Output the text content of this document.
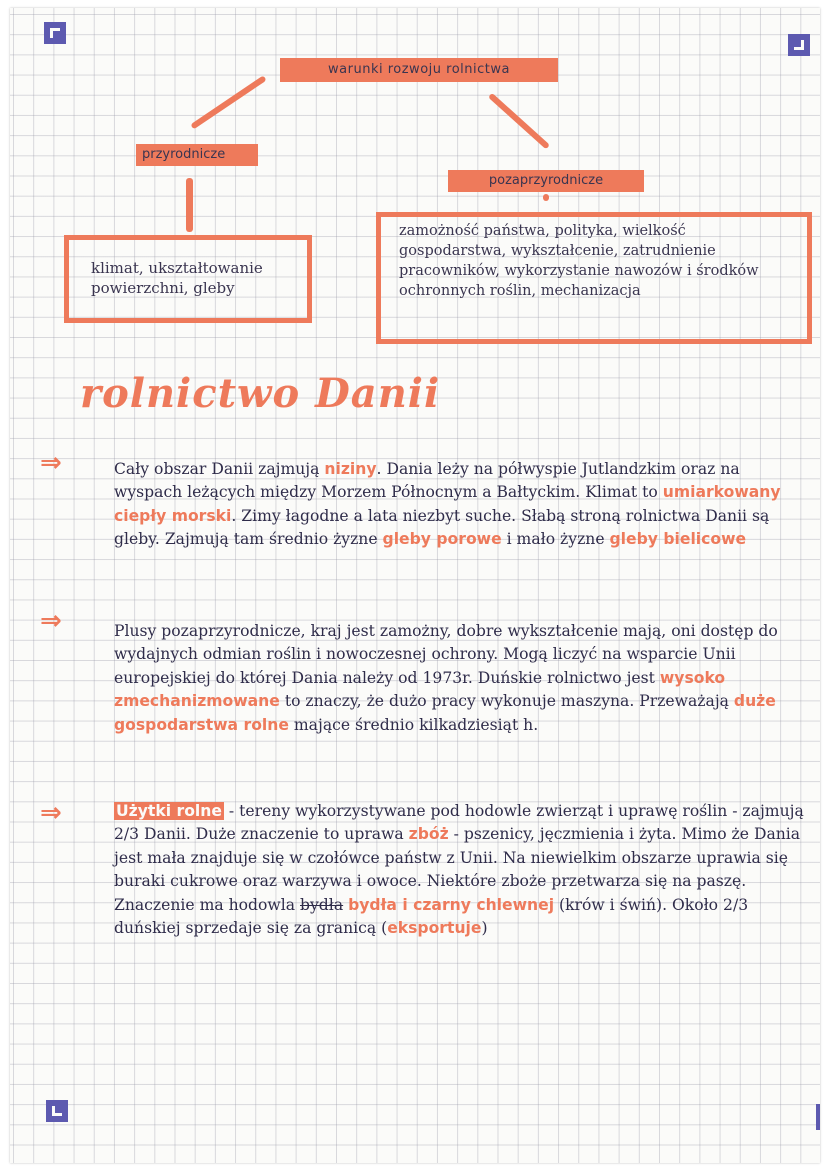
warunki rozwoju rolnictwa
przyrodnicze
klimat, ukształtowanie powierzchni, gleby
pozaprzyrodnicze
zamożność państwa, polityka, wielkość gospodarstwa, wykształcenie, zatrudnienie pracowników, wykorzystanie nawozów i środków ochronnych roślin, mechanizacja
rolnictwo Danii
⇒	Cały obszar Danii zajmują niziny. Dania leży na półwyspie Jutlandzkim oraz na wyspach leżących między Morzem Północnym a Bałtyckim. Klimat to umiarkowany ciepły morski. Zimy łagodne a lata niezbyt suche. Słabą stroną rolnictwa Danii są gleby. Zajmują tam średnio żyzne gleby porowe i mało żyzne gleby bielicowe
⇒	Plusy pozaprzyrodnicze, kraj jest zamożny, dobre wykształcenie mają, oni dostęp do wydajnych odmian roślin i nowoczesnej ochrony. Mogą liczyć na wsparcie Unii europejskiej do której Dania należy od 1973r. Duńskie rolnictwo jest wysoko zmechanizmowane to znaczy, że dużo pracy wykonuje maszyna. Przeważają duże gospodarstwa rolne mające średnio kilkadziesiąt h.
⇒	Użytki rolne - tereny wykorzystywane pod hodowle zwierząt i uprawę roślin - zajmują 2/3 Danii. Duże znaczenie to uprawa zbóż - pszenicy, jęczmienia i żyta. Mimo że Dania jest mała znajduje się w czołówce państw z Unii. Na niewielkim obszarze uprawia się buraki cukrowe oraz warzywa i owoce. Niektóre zboże przetwarza się na paszę. Znaczenie ma hodowla bydła bydła i czarny chlewnej (krów i świń). Około 2/3 duńskiej sprzedaje się za granicą (eksportuje)
